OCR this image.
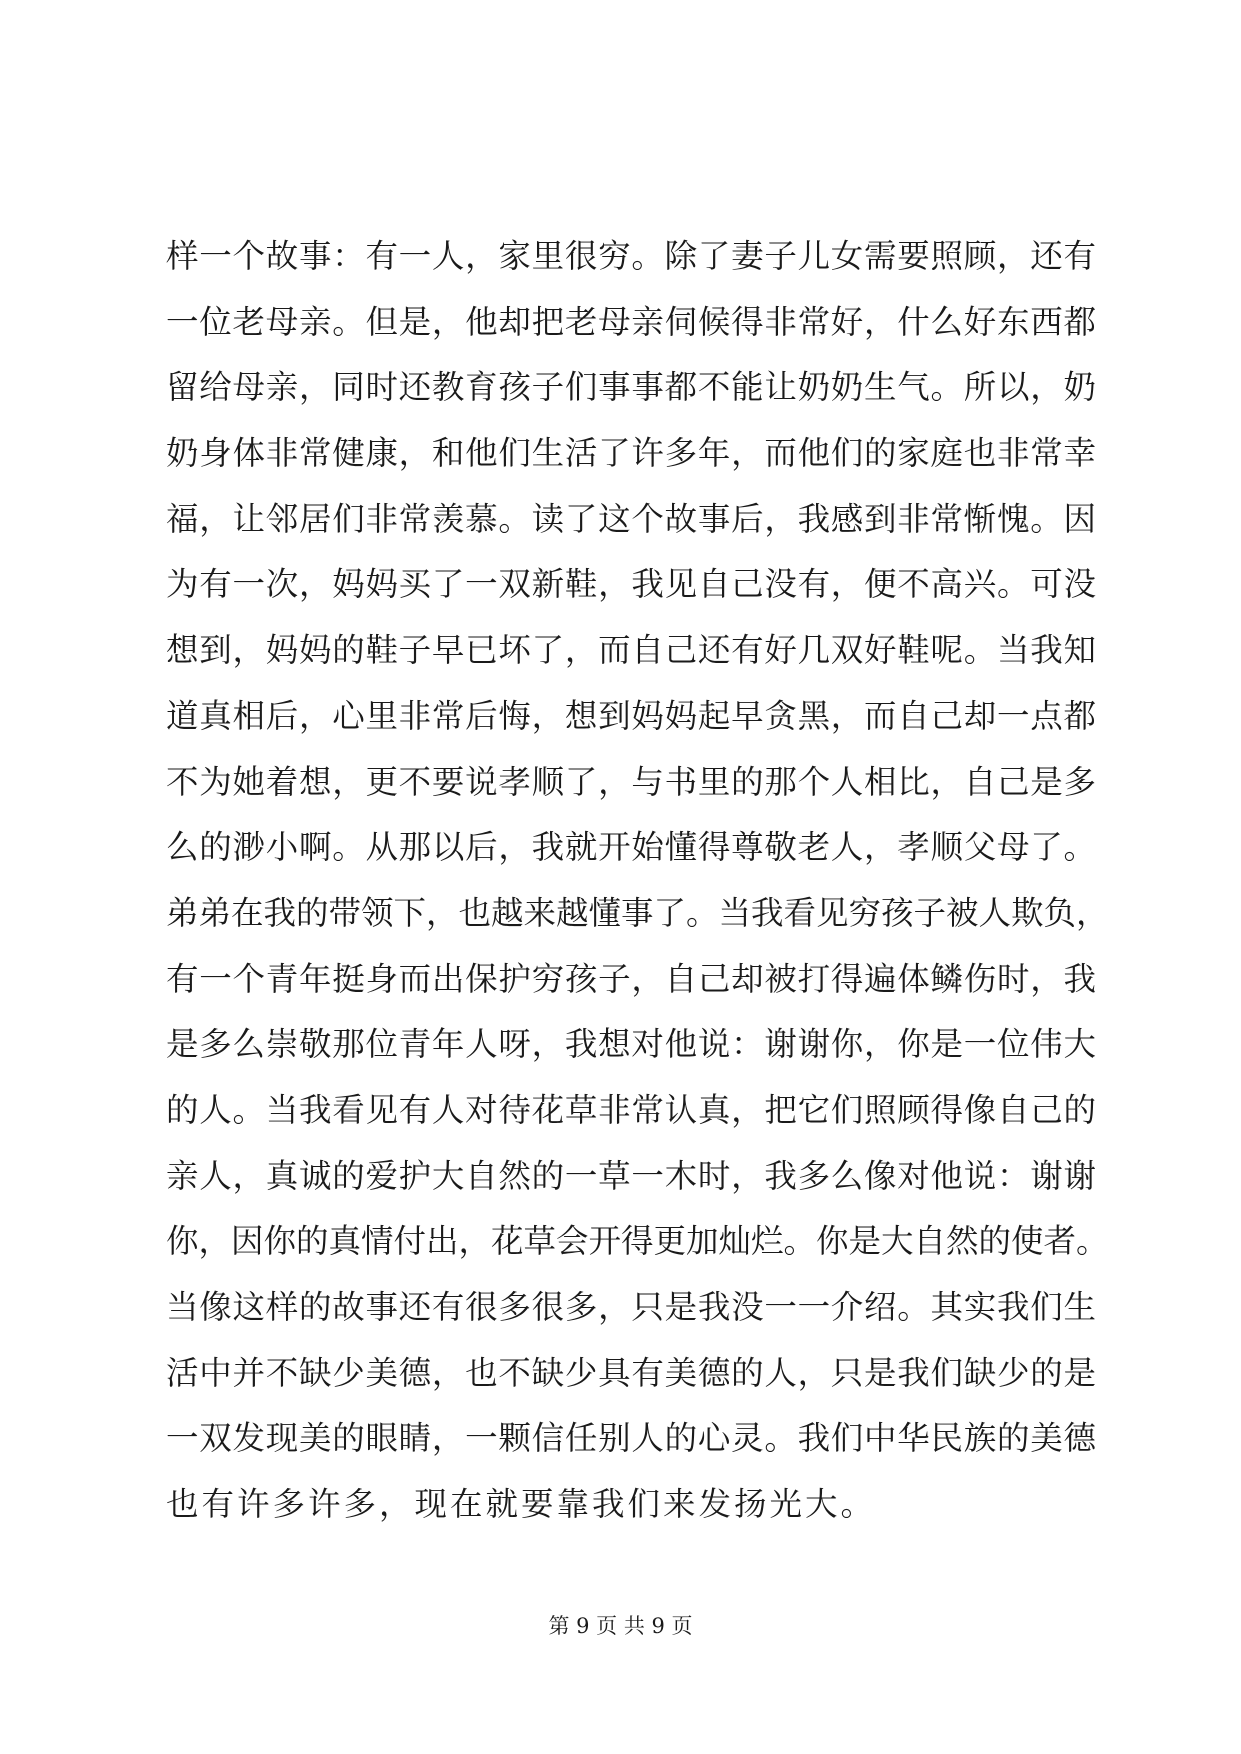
样一个故事：有一人，家里很穷。除了妻子儿女需要照顾，还有
一位老母亲。但是，他却把老母亲伺候得非常好，什么好东西都
留给母亲，同时还教育孩子们事事都不能让奶奶生气。所以，奶
奶身体非常健康，和他们生活了许多年，而他们的家庭也非常幸
福，让邻居们非常羡慕。读了这个故事后，我感到非常惭愧。因
为有一次，妈妈买了一双新鞋，我见自己没有，便不高兴。可没
想到，妈妈的鞋子早已坏了，而自己还有好几双好鞋呢。当我知
道真相后，心里非常后悔，想到妈妈起早贪黑，而自己却一点都
不为她着想，更不要说孝顺了，与书里的那个人相比，自己是多
么的渺小啊。从那以后，我就开始懂得尊敬老人，孝顺父母了。
弟弟在我的带领下，也越来越懂事了。当我看见穷孩子被人欺负，
有一个青年挺身而出保护穷孩子，自己却被打得遍体鳞伤时，我
是多么崇敬那位青年人呀，我想对他说：谢谢你，你是一位伟大
的人。当我看见有人对待花草非常认真，把它们照顾得像自己的
亲人，真诚的爱护大自然的一草一木时，我多么像对他说：谢谢
你，因你的真情付出，花草会开得更加灿烂。你是大自然的使者。
当像这样的故事还有很多很多，只是我没一一介绍。其实我们生
活中并不缺少美德，也不缺少具有美德的人，只是我们缺少的是
一双发现美的眼睛，一颗信任别人的心灵。我们中华民族的美德
也有许多许多，现在就要靠我们来发扬光大。
第 9 页 共 9 页
